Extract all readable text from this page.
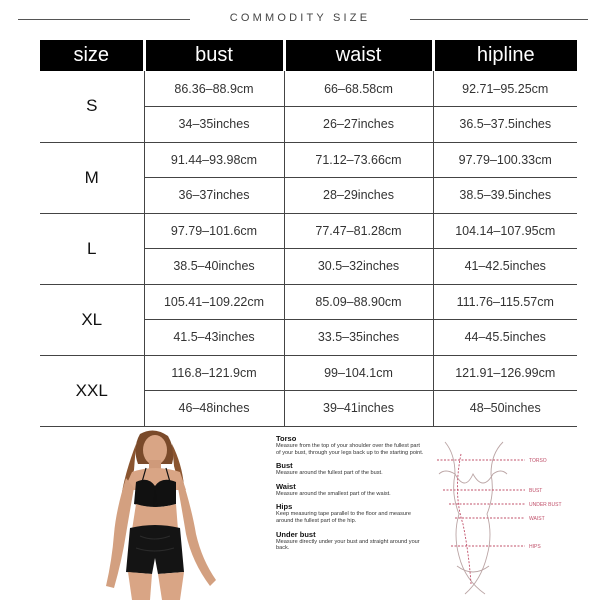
COMMODITY SIZE
size	bust	waist	hipline
S	86.36–88.9cm	66–68.58cm	92.71–95.25cm
	34–35inches	26–27inches	36.5–37.5inches
M	91.44–93.98cm	71.12–73.66cm	97.79–100.33cm
	36–37inches	28–29inches	38.5–39.5inches
L	97.79–101.6cm	77.47–81.28cm	104.14–107.95cm
	38.5–40inches	30.5–32inches	41–42.5inches
XL	105.41–109.22cm	85.09–88.90cm	111.76–115.57cm
	41.5–43inches	33.5–35inches	44–45.5inches
XXL	116.8–121.9cm	99–104.1cm	121.91–126.99cm
	46–48inches	39–41inches	48–50inches
Torso
Measure from the top of your shoulder over the fullest part of your bust, through your legs back up to the starting point.
Bust
Measure around the fullest part of the bust.
Waist
Measure around the smallest part of the waist.
Hips
Keep measuring tape parallel to the floor and measure around the fullest part of the hip.
Under bust
Measure directly under your bust and straight around your back.
TORSO
BUST
UNDER BUST
WAIST
HIPS
